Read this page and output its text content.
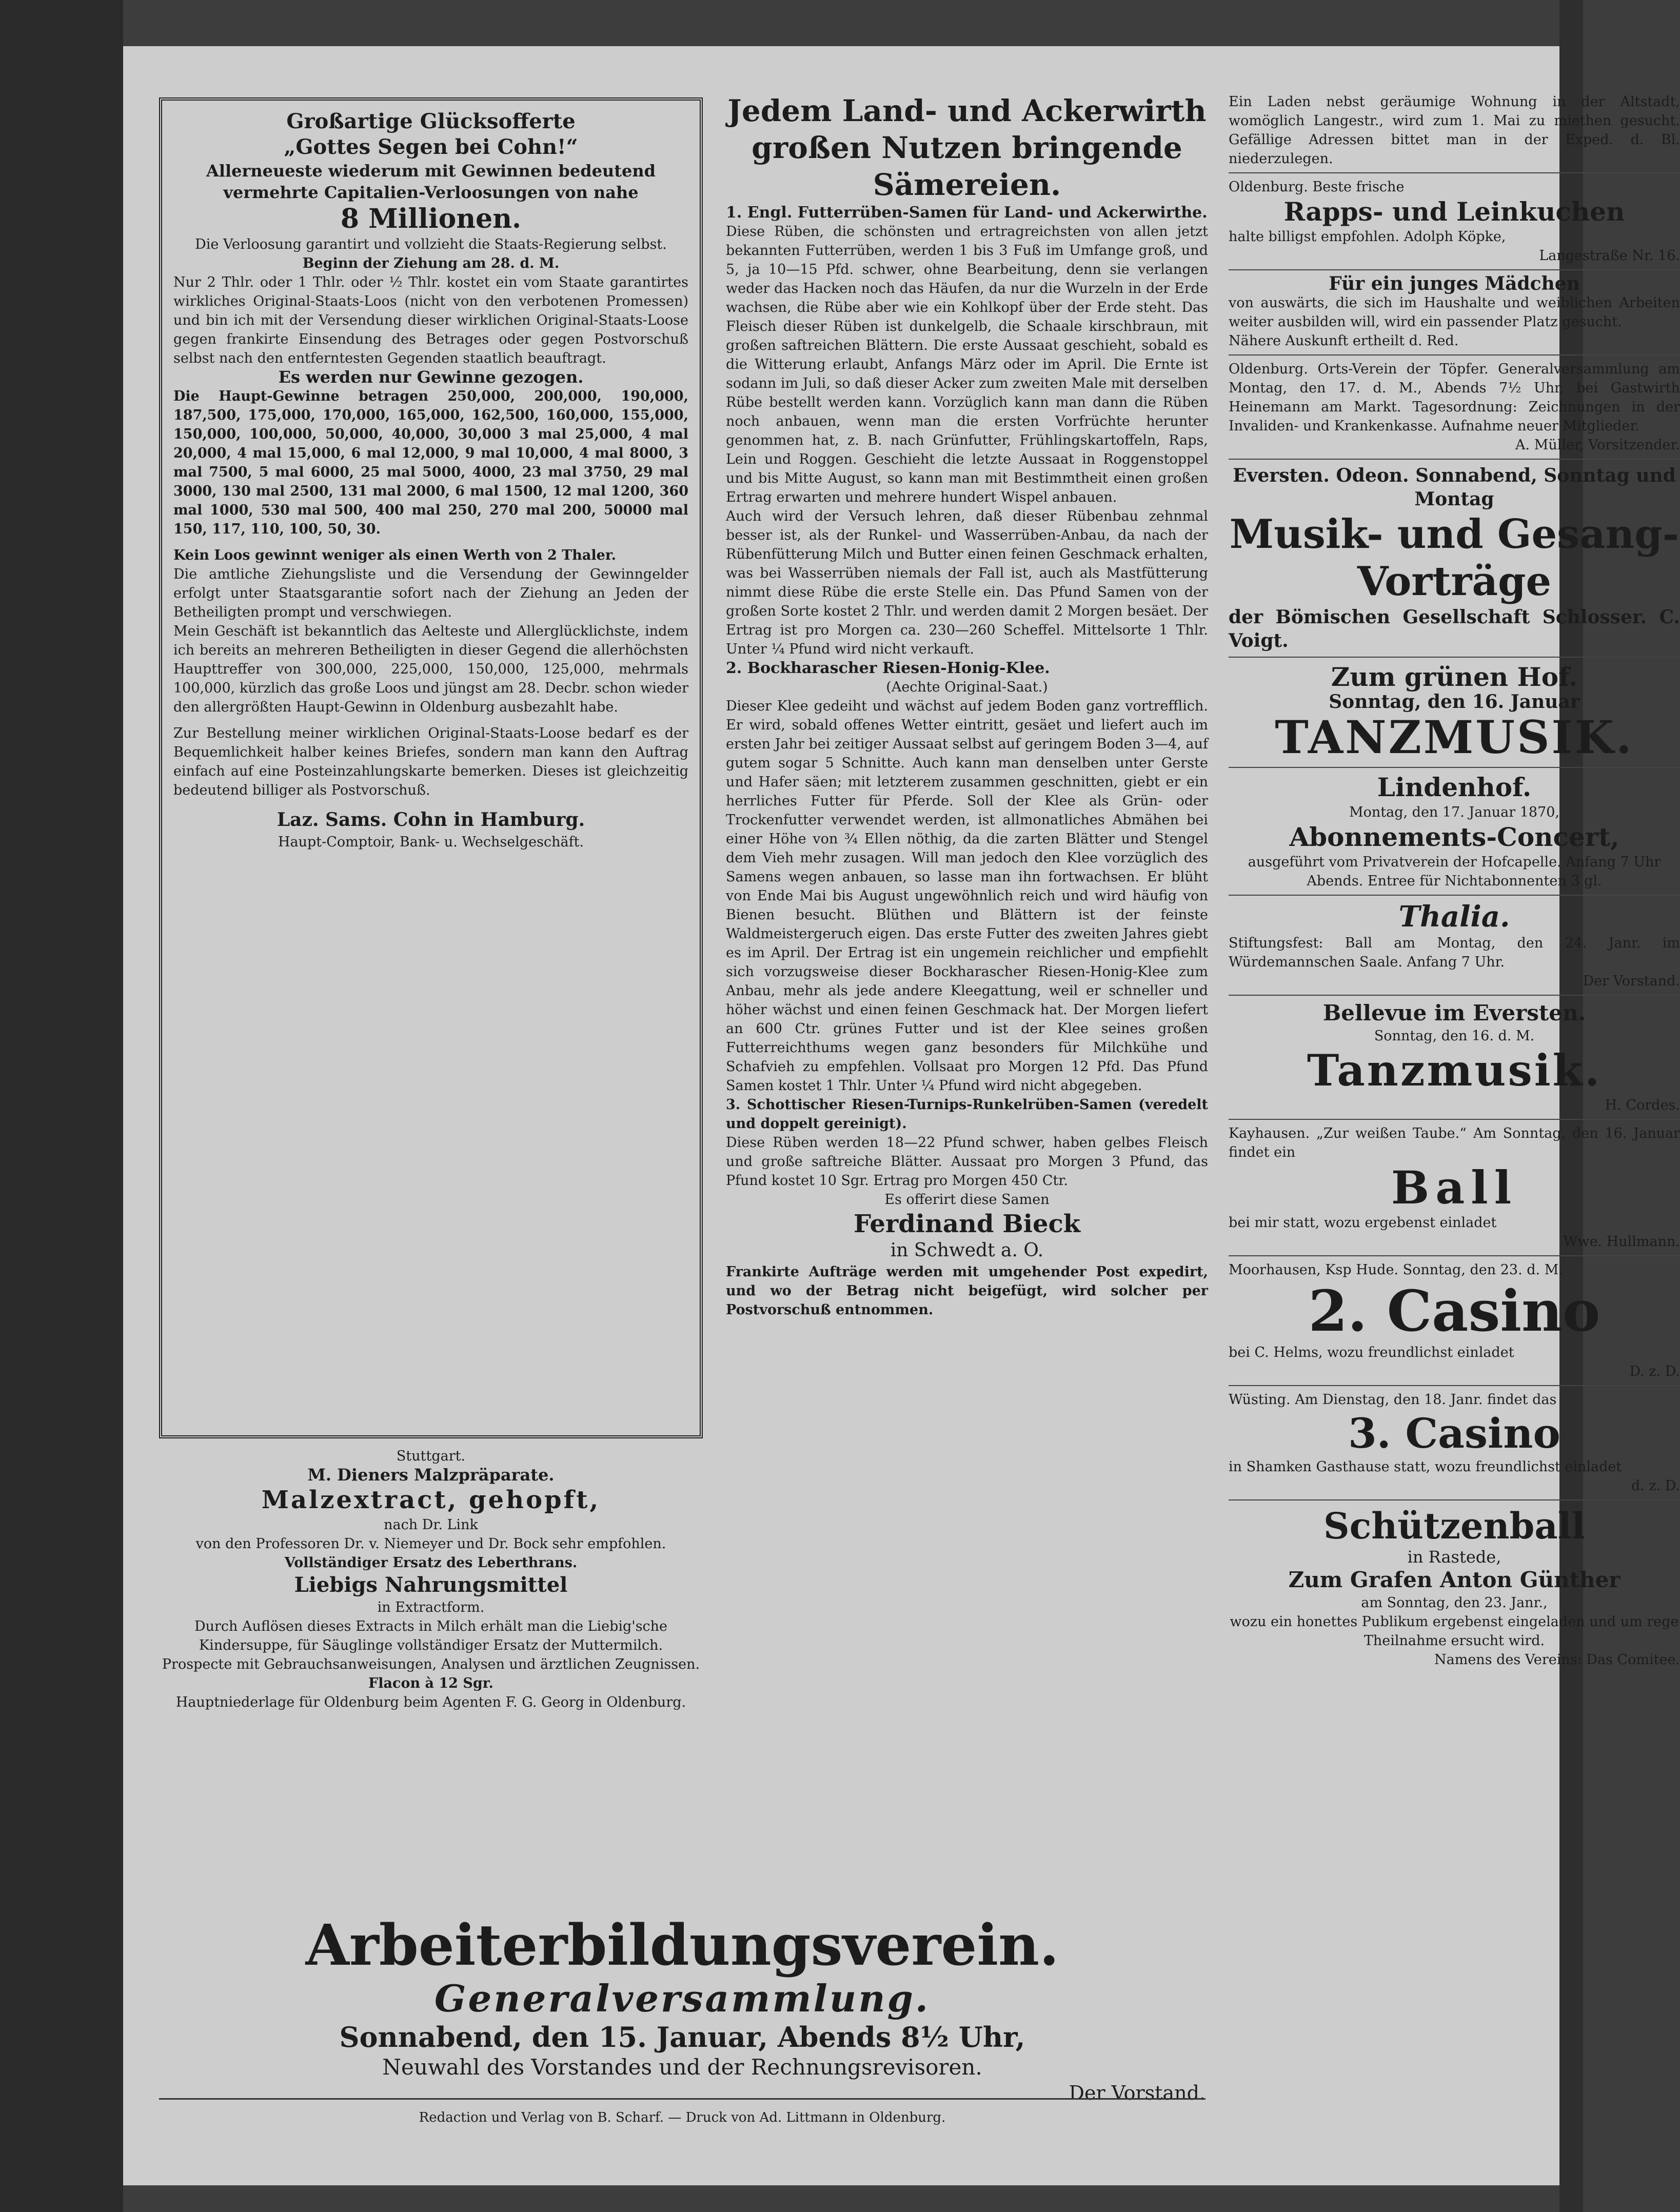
Großartige Glücksofferte

„Gottes Segen bei Cohn!“

Allerneueste wiederum mit Gewinnen bedeutend vermehrte Capitalien-Verloosungen von nahe

8 Millionen.

Die Verloosung garantirt und vollzieht die Staats-Regierung selbst.

Beginn der Ziehung am 28. d. M.

Nur 2 Thlr. oder 1 Thlr. oder ½ Thlr. kostet ein vom Staate garantirtes wirkliches Original-Staats-Loos (nicht von den verbotenen Promessen) und bin ich mit der Versendung dieser wirklichen Original-Staats-Loose gegen frankirte Einsendung des Betrages oder gegen Postvorschuß selbst nach den entferntesten Gegenden staatlich beauftragt.

Es werden nur Gewinne gezogen.

Die Haupt-Gewinne betragen 250,000, 200,000, 190,000, 187,500, 175,000, 170,000, 165,000, 162,500, 160,000, 155,000, 150,000, 100,000, 50,000, 40,000, 30,000 3 mal 25,000, 4 mal 20,000, 4 mal 15,000, 6 mal 12,000, 9 mal 10,000, 4 mal 8000, 3 mal 7500, 5 mal 6000, 25 mal 5000, 4000, 23 mal 3750, 29 mal 3000, 130 mal 2500, 131 mal 2000, 6 mal 1500, 12 mal 1200, 360 mal 1000, 530 mal 500, 400 mal 250, 270 mal 200, 50000 mal 150, 117, 110, 100, 50, 30.

Kein Loos gewinnt weniger als einen Werth von 2 Thaler.

Die amtliche Ziehungsliste und die Versendung der Gewinngelder erfolgt unter Staatsgarantie sofort nach der Ziehung an Jeden der Betheiligten prompt und verschwiegen.

Mein Geschäft ist bekanntlich das Aelteste und Allerglücklichste, indem ich bereits an mehreren Betheiligten in dieser Gegend die allerhöchsten Haupttreffer von 300,000, 225,000, 150,000, 125,000, mehrmals 100,000, kürzlich das große Loos und jüngst am 28. Decbr. schon wieder den allergrößten Haupt-Gewinn in Oldenburg ausbezahlt habe.

Zur Bestellung meiner wirklichen Original-Staats-Loose bedarf es der Bequemlichkeit halber keines Briefes, sondern man kann den Auftrag einfach auf eine Posteinzahlungskarte bemerken. Dieses ist gleichzeitig bedeutend billiger als Postvorschuß.

Laz. Sams. Cohn in Hamburg.

Haupt-Comptoir, Bank- u. Wechselgeschäft.

Stuttgart.

M. Dieners Malzpräparate.

Malzextract, gehopft,

nach Dr. Link

von den Professoren Dr. v. Niemeyer und Dr. Bock sehr empfohlen.

Vollständiger Ersatz des Leberthrans.

Liebigs Nahrungsmittel

in Extractform.

Durch Auflösen dieses Extracts in Milch erhält man die Liebig'sche Kindersuppe, für Säuglinge vollständiger Ersatz der Muttermilch.

Prospecte mit Gebrauchsanweisungen, Analysen und ärztlichen Zeugnissen.

Flacon à 12 Sgr.

Hauptniederlage für Oldenburg beim Agenten F. G. Georg in Oldenburg.

Jedem Land- und Ackerwirth großen Nutzen bringende Sämereien.

1. Engl. Futterrüben-Samen für Land- und Ackerwirthe.

Diese Rüben, die schönsten und ertragreichsten von allen jetzt bekannten Futterrüben, werden 1 bis 3 Fuß im Umfange groß, und 5, ja 10—15 Pfd. schwer, ohne Bearbeitung, denn sie verlangen weder das Hacken noch das Häufen, da nur die Wurzeln in der Erde wachsen, die Rübe aber wie ein Kohlkopf über der Erde steht. Das Fleisch dieser Rüben ist dunkelgelb, die Schaale kirschbraun, mit großen saftreichen Blättern. Die erste Aussaat geschieht, sobald es die Witterung erlaubt, Anfangs März oder im April. Die Ernte ist sodann im Juli, so daß dieser Acker zum zweiten Male mit derselben Rübe bestellt werden kann. Vorzüglich kann man dann die Rüben noch anbauen, wenn man die ersten Vorfrüchte herunter genommen hat, z. B. nach Grünfutter, Frühlingskartoffeln, Raps, Lein und Roggen. Geschieht die letzte Aussaat in Roggenstoppel und bis Mitte August, so kann man mit Bestimmtheit einen großen Ertrag erwarten und mehrere hundert Wispel anbauen.

Auch wird der Versuch lehren, daß dieser Rübenbau zehnmal besser ist, als der Runkel- und Wasserrüben-Anbau, da nach der Rübenfütterung Milch und Butter einen feinen Geschmack erhalten, was bei Wasserrüben niemals der Fall ist, auch als Mastfütterung nimmt diese Rübe die erste Stelle ein. Das Pfund Samen von der großen Sorte kostet 2 Thlr. und werden damit 2 Morgen besäet. Der Ertrag ist pro Morgen ca. 230—260 Scheffel. Mittelsorte 1 Thlr. Unter ¼ Pfund wird nicht verkauft.

2. Bockharascher Riesen-Honig-Klee.

(Aechte Original-Saat.)

Dieser Klee gedeiht und wächst auf jedem Boden ganz vortrefflich. Er wird, sobald offenes Wetter eintritt, gesäet und liefert auch im ersten Jahr bei zeitiger Aussaat selbst auf geringem Boden 3—4, auf gutem sogar 5 Schnitte. Auch kann man denselben unter Gerste und Hafer säen; mit letzterem zusammen geschnitten, giebt er ein herrliches Futter für Pferde. Soll der Klee als Grün- oder Trockenfutter verwendet werden, ist allmonatliches Abmähen bei einer Höhe von ¾ Ellen nöthig, da die zarten Blätter und Stengel dem Vieh mehr zusagen. Will man jedoch den Klee vorzüglich des Samens wegen anbauen, so lasse man ihn fortwachsen. Er blüht von Ende Mai bis August ungewöhnlich reich und wird häufig von Bienen besucht. Blüthen und Blättern ist der feinste Waldmeistergeruch eigen. Das erste Futter des zweiten Jahres giebt es im April. Der Ertrag ist ein ungemein reichlicher und empfiehlt sich vorzugsweise dieser Bockharascher Riesen-Honig-Klee zum Anbau, mehr als jede andere Kleegattung, weil er schneller und höher wächst und einen feinen Geschmack hat. Der Morgen liefert an 600 Ctr. grünes Futter und ist der Klee seines großen Futterreichthums wegen ganz besonders für Milchkühe und Schafvieh zu empfehlen. Vollsaat pro Morgen 12 Pfd. Das Pfund Samen kostet 1 Thlr. Unter ¼ Pfund wird nicht abgegeben.

3. Schottischer Riesen-Turnips-Runkelrüben-Samen (veredelt und doppelt gereinigt).

Diese Rüben werden 18—22 Pfund schwer, haben gelbes Fleisch und große saftreiche Blätter. Aussaat pro Morgen 3 Pfund, das Pfund kostet 10 Sgr. Ertrag pro Morgen 450 Ctr.

Es offerirt diese Samen

Ferdinand Bieck

in Schwedt a. O.

Frankirte Aufträge werden mit umgehender Post expedirt, und wo der Betrag nicht beigefügt, wird solcher per Postvorschuß entnommen.

Ein Laden nebst geräumige Wohnung in der Altstadt, womöglich Langestr., wird zum 1. Mai zu miethen gesucht. Gefällige Adressen bittet man in der Exped. d. Bl. niederzulegen.

Oldenburg. Beste frische

Rapps- und Leinkuchen

halte billigst empfohlen. Adolph Köpke,

Langestraße Nr. 16.

Für ein junges Mädchen

von auswärts, die sich im Haushalte und weiblichen Arbeiten weiter ausbilden will, wird ein passender Platz gesucht.

Nähere Auskunft ertheilt d. Red.

Oldenburg. Orts-Verein der Töpfer. Generalversammlung am Montag, den 17. d. M., Abends 7½ Uhr, bei Gastwirth Heinemann am Markt. Tagesordnung: Zeichnungen in der Invaliden- und Krankenkasse. Aufnahme neuer Mitglieder.

A. Müller, Vorsitzender.

Eversten. Odeon. Sonnabend, Sonntag und Montag

Musik- und Gesang-Vorträge

der Bömischen Gesellschaft Schlosser. C. Voigt.

Zum grünen Hof.

Sonntag, den 16. Januar

TANZMUSIK.

Lindenhof.

Montag, den 17. Januar 1870,

Abonnements-Concert,

ausgeführt vom Privatverein der Hofcapelle. Anfang 7 Uhr Abends. Entree für Nichtabonnenten 3 gl.

Thalia.

Stiftungsfest: Ball am Montag, den 24. Janr. im Würdemannschen Saale. Anfang 7 Uhr.

Der Vorstand.

Bellevue im Eversten.

Sonntag, den 16. d. M.

Tanzmusik.

H. Cordes.

Kayhausen. „Zur weißen Taube.“ Am Sonntag, den 16. Januar findet ein

Ball

bei mir statt, wozu ergebenst einladet

Wwe. Hullmann.

Moorhausen, Ksp Hude. Sonntag, den 23. d. M.

2. Casino

bei C. Helms, wozu freundlichst einladet

D. z. D.

Wüsting. Am Dienstag, den 18. Janr. findet das

3. Casino

in Shamken Gasthause statt, wozu freundlichst einladet

d. z. D.

Schützenball

in Rastede,

Zum Grafen Anton Günther

am Sonntag, den 23. Janr.,

wozu ein honettes Publikum ergebenst eingeladen und um rege Theilnahme ersucht wird.

Namens des Vereins: Das Comitee.

Arbeiterbildungsverein.

Generalversammlung.

Sonnabend, den 15. Januar, Abends 8½ Uhr,

Neuwahl des Vorstandes und der Rechnungsrevisoren.

Der Vorstand.

Redaction und Verlag von B. Scharf. — Druck von Ad. Littmann in Oldenburg.
